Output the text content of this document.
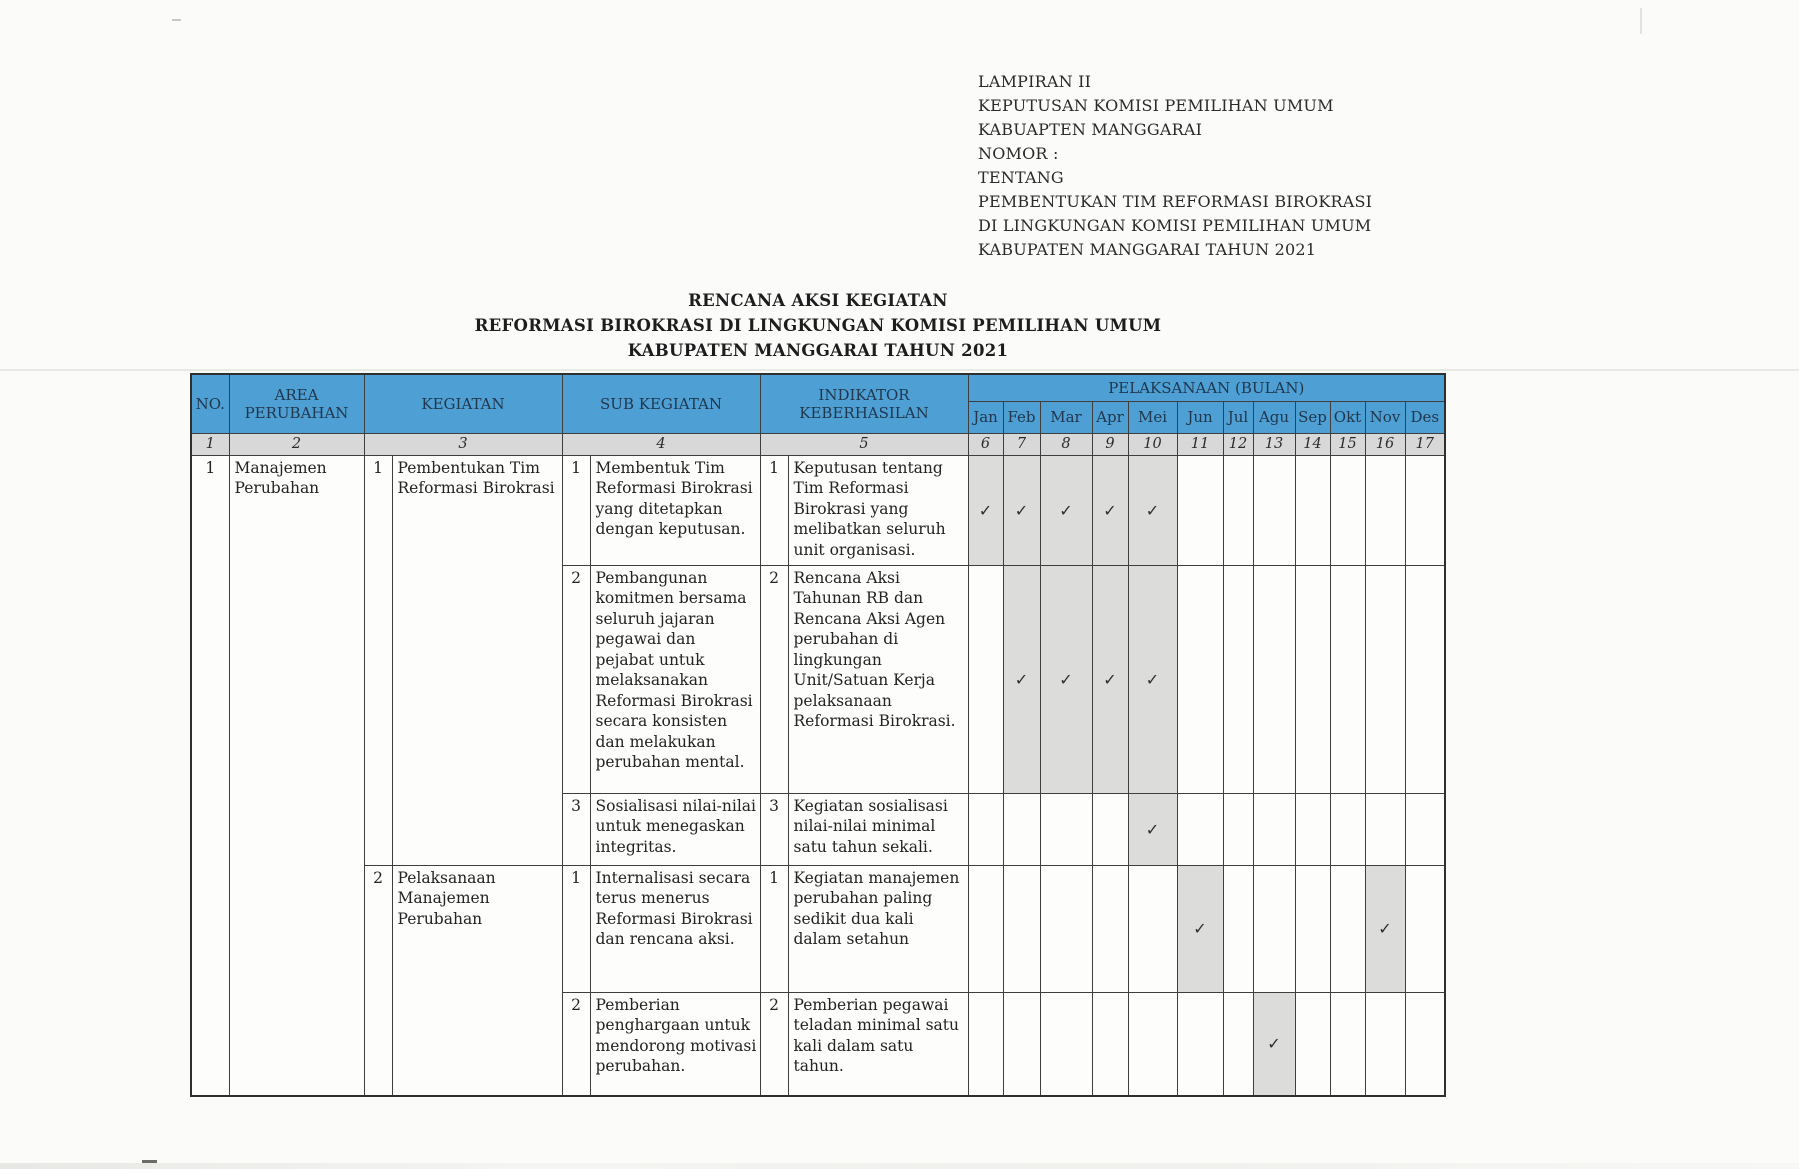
LAMPIRAN II
KEPUTUSAN KOMISI PEMILIHAN UMUM
KABUAPTEN MANGGARAI
NOMOR :
TENTANG
PEMBENTUKAN TIM REFORMASI BIROKRASI
DI LINGKUNGAN KOMISI PEMILIHAN UMUM
KABUPATEN MANGGARAI TAHUN 2021
RENCANA AKSI KEGIATAN
REFORMASI BIROKRASI DI LINGKUNGAN KOMISI PEMILIHAN UMUM
KABUPATEN MANGGARAI TAHUN 2021
NO.	AREA PERUBAHAN	KEGIATAN		SUB KEGIATAN		INDIKATOR KEBERHASILAN		PELAKSANAAN (BULAN)											
								Jan	Feb	Mar	Apr	Mei	Jun	Jul	Agu	Sep	Okt	Nov	Des
1	2	3		4		5		6	7	8	9	10	11	12	13	14	15	16	17
1	Manajemen Perubahan	1	Pembentukan Tim Reformasi Birokrasi	1	Membentuk Tim Reformasi Birokrasi yang ditetapkan dengan keputusan.	1	Keputusan tentang Tim Reformasi Birokrasi yang melibatkan seluruh unit organisasi.	✓	✓	✓	✓	✓							
				2	Pembangunan komitmen bersama seluruh jajaran pegawai dan pejabat untuk melaksanakan Reformasi Birokrasi secara konsisten dan melakukan perubahan mental.	2	Rencana Aksi Tahunan RB dan Rencana Aksi Agen perubahan di lingkungan Unit/Satuan Kerja pelaksanaan Reformasi Birokrasi.		✓	✓	✓	✓							
				3	Sosialisasi nilai-nilai untuk menegaskan integritas.	3	Kegiatan sosialisasi nilai-nilai minimal satu tahun sekali.					✓							
		2	Pelaksanaan Manajemen Perubahan	1	Internalisasi secara terus menerus Reformasi Birokrasi dan rencana aksi.	1	Kegiatan manajemen perubahan paling sedikit dua kali dalam setahun						✓					✓	
				2	Pemberian penghargaan untuk mendorong motivasi perubahan.	2	Pemberian pegawai teladan minimal satu kali dalam satu tahun.								✓				
